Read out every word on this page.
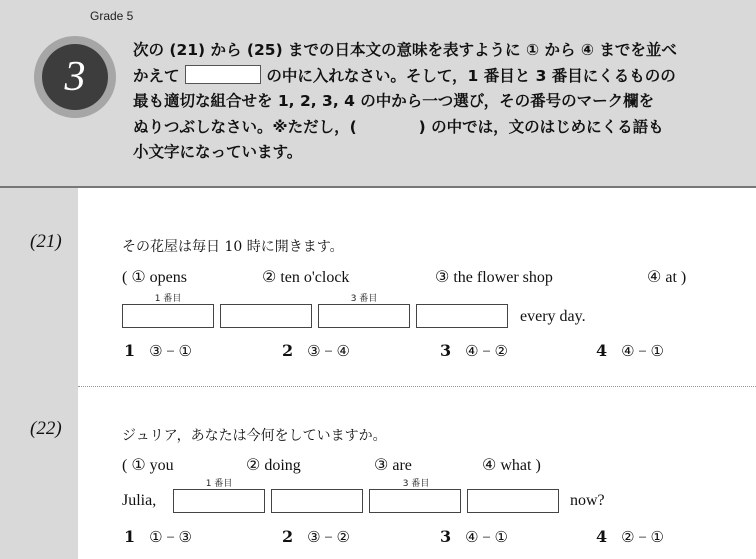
Grade 5
3
次の (21) から (25) までの日本文の意味を表すように ① から ④ までを並べ
かえて	の中に入れなさい。そして，1 番目と 3 番目にくるものの
最も適切な組合せを 1, 2, 3, 4 の中から一つ選び，その番号のマーク欄を
ぬりつぶしなさい。※ただし，(　　　　) の中では，文のはじめにくる語も
小文字になっています。
(21)	その花屋は毎日 10 時に開きます。
( ① opens	② ten o'clock	③ the flower shop	④ at )
1 番目	3 番目
every day.
1 ③ − ①	2 ③ − ④	3 ④ − ②	4 ④ − ①
(22)	ジュリア，あなたは今何をしていますか。
( ① you	② doing	③ are	④ what )
Julia,
1 番目	3 番目
now?
1 ① − ③	2 ③ − ②	3 ④ − ①	4 ② − ①
